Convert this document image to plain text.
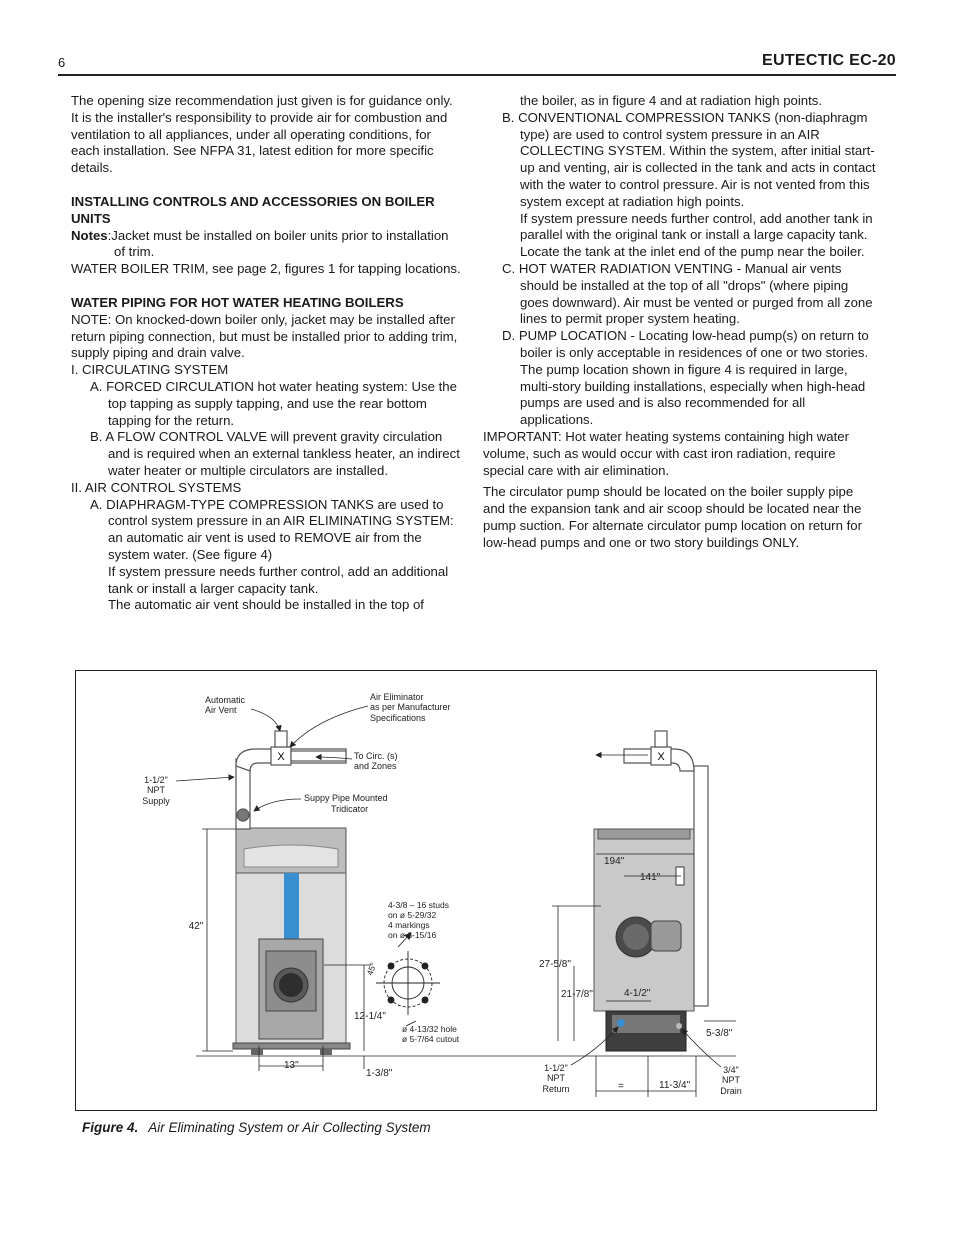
6	EUTECTIC EC-20

The opening size recommendation just given is for guidance only. It is the installer's responsibility to provide air for combustion and ventilation to all appliances, under all operating conditions, for each installation. See NFPA 31, latest edition for more specific details.

INSTALLING CONTROLS AND ACCESSORIES ON BOILER UNITS

Notes:Jacket must be installed on boiler units prior to installation of trim.

WATER BOILER TRIM, see page 2, figures 1 for tapping locations.

WATER PIPING FOR HOT WATER HEATING BOILERS

NOTE: On knocked-down boiler only, jacket may be installed after return piping connection, but must be installed prior to adding trim, supply piping and drain valve.

I. CIRCULATING SYSTEM

A. FORCED CIRCULATION hot water heating system: Use the top tapping as supply tapping, and use the rear bottom tapping for the return.

B. A FLOW CONTROL VALVE will prevent gravity circulation and is required when an external tankless heater, an indirect water heater or multiple circulators are installed.

II. AIR CONTROL SYSTEMS

A. DIAPHRAGM-TYPE COMPRESSION TANKS are used to control system pressure in an AIR ELIMINATING SYSTEM: an automatic air vent is used to REMOVE air from the system water. (See figure 4)

If system pressure needs further control, add an additional tank or install a larger capacity tank.

The automatic air vent should be installed in the top of

the boiler, as in figure 4 and at radiation high points.

B. CONVENTIONAL COMPRESSION TANKS (non-diaphragm type) are used to control system pressure in an AIR COLLECTING SYSTEM. Within the system, after initial start-up and venting, air is collected in the tank and acts in contact with the water to control pressure. Air is not vented from this system except at radiation high points.

If system pressure needs further control, add another tank in parallel with the original tank or install a large capacity tank. Locate the tank at the inlet end of the pump near the boiler.

C. HOT WATER RADIATION VENTING - Manual air vents should be installed at the top of all "drops" (where piping goes downward). Air must be vented or purged from all zone lines to permit proper system heating.

D. PUMP LOCATION - Locating low-head pump(s) on return to boiler is only acceptable in residences of one or two stories. The pump location shown in figure 4 is required in large, multi-story building installations, especially when high-head pumps are used and is also recommended for all applications.

IMPORTANT: Hot water heating systems containing high water volume, such as would occur with cast iron radiation, require special care with air elimination.

The circulator pump should be located on the boiler supply pipe and the expansion tank and air scoop should be located near the pump suction. For alternate circulator pump location on return for low-head pumps and one or two story buildings ONLY.

X
Automatic
Air Vent
Air Eliminator
as per Manufacturer
Specifications
To Circ. (s)
and Zones
1-1/2"
NPT
Supply	Suppy Pipe Mounted
Tridicator
42"
12-1/4"
13"
1-3/8"
4-3/8 – 16 studs
on ø 5-29/32
4 markings
on ø 6-15/16
45°
ø 4-13/32 hole
ø 5-7/64 cutout
X
194"
141"
27-5/8"
21-7/8"	4-1/2"
5-3/8"
=	11-3/4"
1-1/2"
NPT
Return
3/4"
NPT
Drain
Figure 4. Air Eliminating System or Air Collecting System
